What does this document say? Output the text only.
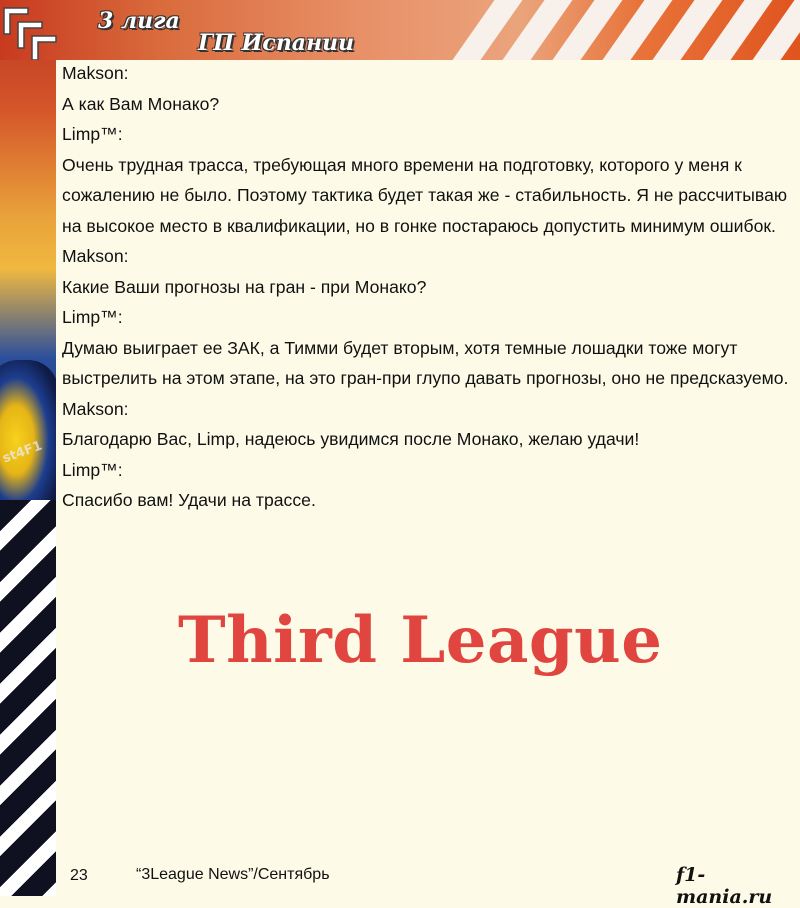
st4F1
3 лига
ГП Испании

Makson:

А как Вам Монако?

Limp™:

Очень трудная трасса, требующая много времени на подготовку, которого у меня к сожалению не было. Поэтому тактика будет такая же - стабильность. Я не рассчитываю на высокое место в квалификации, но в гонке постараюсь допустить минимум ошибок.

Makson:

Какие Ваши прогнозы на гран - при Монако?

Limp™:

Думаю выиграет ее ЗАК, а Тимми будет вторым, хотя темные лошадки тоже могут выстрелить на этом этапе, на это гран-при глупо давать прогнозы, оно не предсказуемо.

Makson:

Благодарю Вас, Limp, надеюсь увидимся после Монако, желаю удачи!

Limp™:

Спасибо вам! Удачи на трассе.

Third League
23	“3League News”/Сентябрь	f1-mania.ru
